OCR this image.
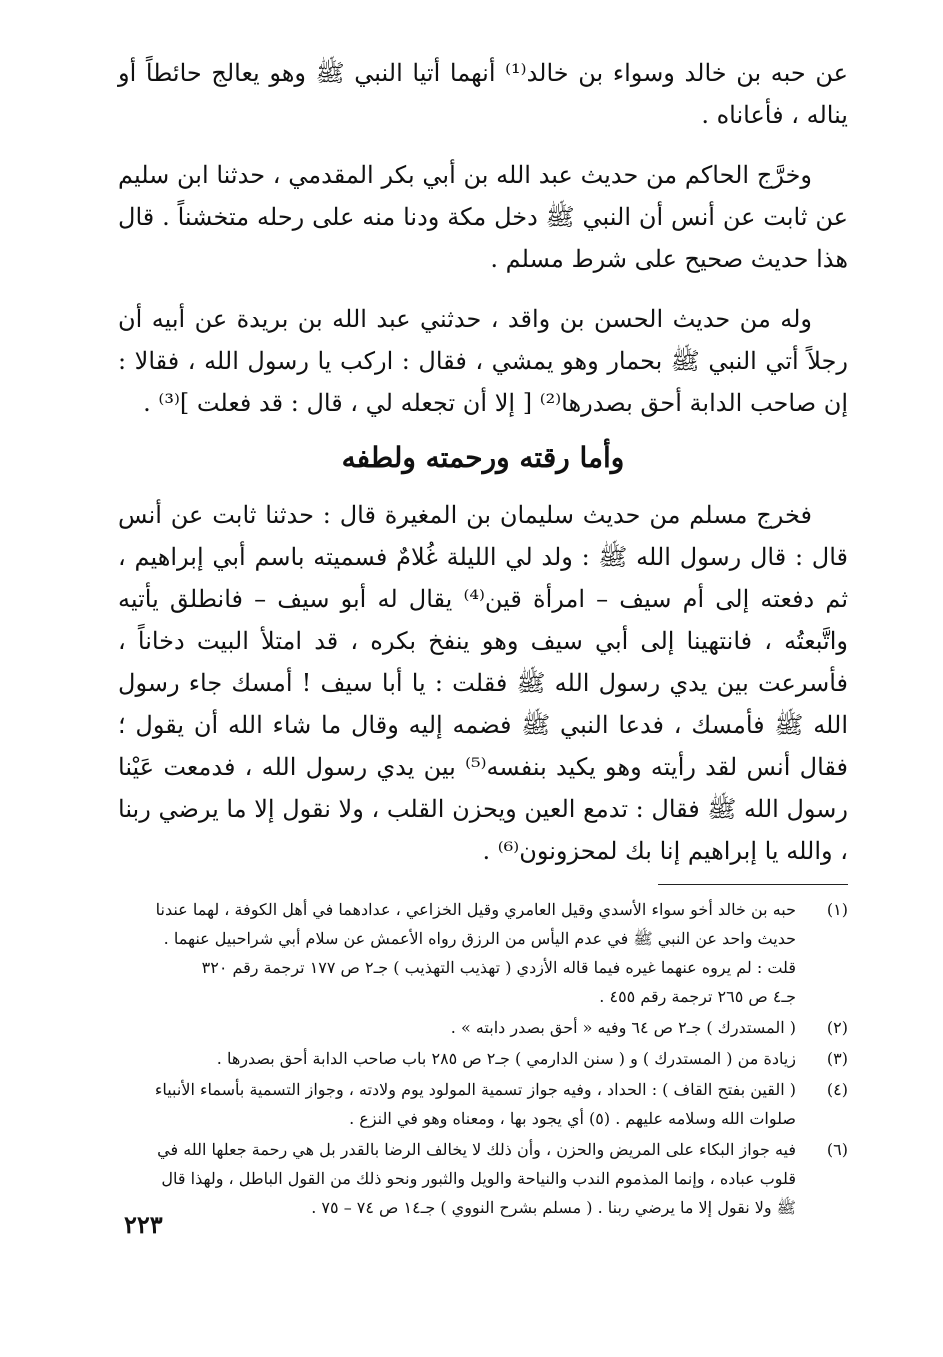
عن حبه بن خالد وسواء بن خالد⁽¹⁾ أنهما أتيا النبي ﷺ وهو يعالج حائطاً أو يناله ، فأعاناه .

وخرَّج الحاكم من حديث عبد الله بن أبي بكر المقدمي ، حدثنا ابن سليم عن ثابت عن أنس أن النبي ﷺ دخل مكة ودنا منه على رحله متخشناً . قال هذا حديث صحيح على شرط مسلم .

وله من حديث الحسن بن واقد ، حدثني عبد الله بن بريدة عن أبيه أن رجلاً أتي النبي ﷺ بحمار وهو يمشي ، فقال : اركب يا رسول الله ، فقالا : إن صاحب الدابة أحق بصدرها⁽²⁾ [ إلا أن تجعله لي ، قال : قد فعلت ]⁽³⁾ .

وأما رقته ورحمته ولطفه

فخرج مسلم من حديث سليمان بن المغيرة قال : حدثنا ثابت عن أنس قال : قال رسول الله ﷺ : ولد لي الليلة غُلامٌ فسميته باسم أبي إبراهيم ، ثم دفعته إلى أم سيف – امرأة قين⁽⁴⁾ يقال له أبو سيف – فانطلق يأتيه واتَّبعتُه ، فانتهينا إلى أبي سيف وهو ينفخ بكره ، قد امتلأ البيت دخاناً ، فأسرعت بين يدي رسول الله ﷺ فقلت : يا أبا سيف ! أمسك جاء رسول الله ﷺ فأمسك ، فدعا النبي ﷺ فضمه إليه وقال ما شاء الله أن يقول ؛ فقال أنس لقد رأيته وهو يكيد بنفسه⁽⁵⁾ بين يدي رسول الله ، فدمعت عَيْنا رسول الله ﷺ فقال : تدمع العين ويحزن القلب ، ولا نقول إلا ما يرضي ربنا ، والله يا إبراهيم إنا بك لمحزونون⁽⁶⁾ .

(١)
حبه بن خالد أخو سواء الأسدي وقيل العامري وقيل الخزاعي ، عدادهما في أهل الكوفة ، لهما عندنا
حديث واحد عن النبي ﷺ في عدم اليأس من الرزق رواه الأعمش عن سلام أبي شراحبيل عنهما .
قلت : لم يروه عنهما غيره فيما قاله الأزدي ( تهذيب التهذيب ) جـ٢ ص ١٧٧ ترجمة رقم ٣٢٠
جـ٤ ص ٢٦٥ ترجمة رقم ٤٥٥ .
(٢)
( المستدرك ) جـ٢ ص ٦٤ وفيه « أحق بصدر دابته » .
(٣)
زيادة من ( المستدرك ) و ( سنن الدارمي ) جـ٢ ص ٢٨٥ باب صاحب الدابة أحق بصدرها .
(٤)
( القين بفتح القاف ) : الحداد ، وفيه جواز تسمية المولود يوم ولادته ، وجواز التسمية بأسماء الأنبياء
صلوات الله وسلامه عليهم . (٥) أي يجود بها ، ومعناه وهو في النزع .
(٦)
فيه جواز البكاء على المريض والحزن ، وأن ذلك لا يخالف الرضا بالقدر بل هي رحمة جعلها الله في
قلوب عباده ، وإنما المذموم الندب والنياحة والويل والثبور ونحو ذلك من القول الباطل ، ولهذا قال
ﷺ ولا نقول إلا ما يرضي ربنا . ( مسلم بشرح النووي ) جـ١٤ ص ٧٤ – ٧٥ .
٢٢٣
